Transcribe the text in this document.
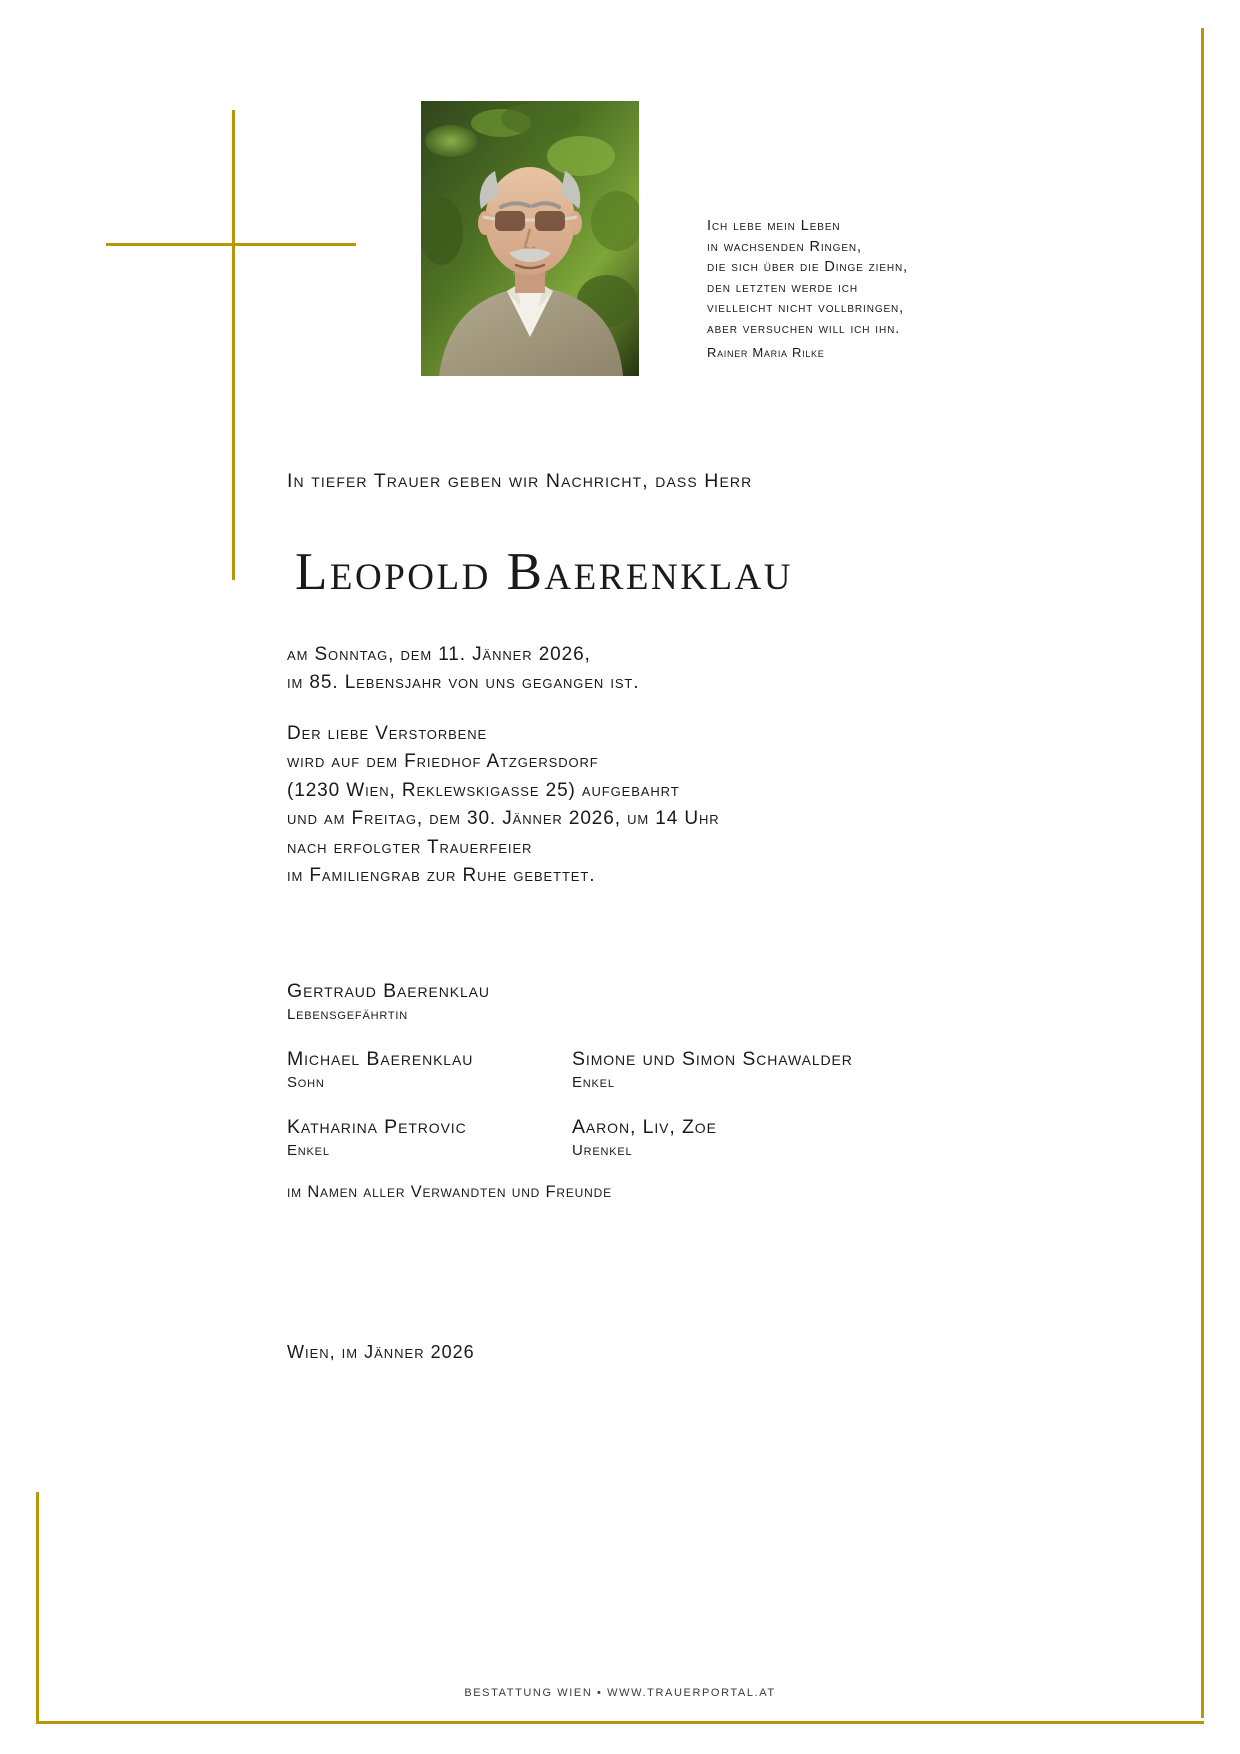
Ich lebe mein Leben
in wachsenden Ringen,
die sich über die Dinge ziehn,
den letzten werde ich
vielleicht nicht vollbringen,
aber versuchen will ich ihn.
Rainer Maria Rilke
In tiefer Trauer geben wir Nachricht, dass Herr
Leopold Baerenklau
am Sonntag, dem 11. Jänner 2026,
im 85. Lebensjahr von uns gegangen ist.
Der liebe Verstorbene
wird auf dem Friedhof Atzgersdorf
(1230 Wien, Reklewskigasse 25) aufgebahrt
und am Freitag, dem 30. Jänner 2026, um 14 Uhr
nach erfolgter Trauerfeier
im Familiengrab zur Ruhe gebettet.
Gertraud Baerenklau
Lebensgefährtin
Michael Baerenklau
Sohn
Simone und Simon Schawalder
Enkel
Katharina Petrovic
Enkel
Aaron, Liv, Zoe
Urenkel
im Namen aller Verwandten und Freunde
Wien, im Jänner 2026
BESTATTUNG WIEN • WWW.TRAUERPORTAL.AT
